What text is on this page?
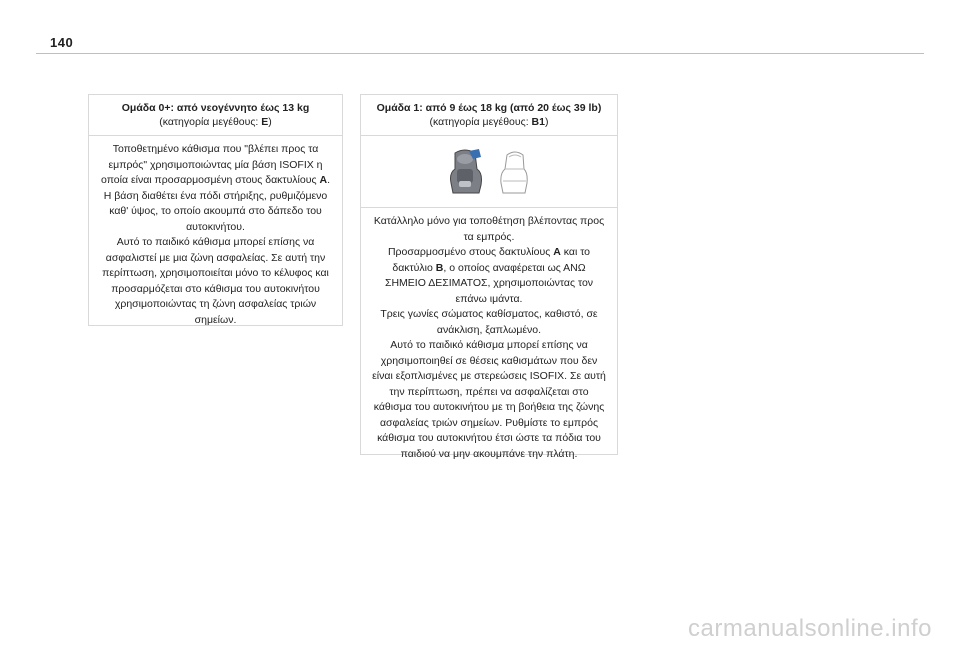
140
Ομάδα 0+: από νεογέννητο έως 13 kg
(κατηγορία μεγέθους: E)

Τοποθετημένο κάθισμα που "βλέπει προς τα εμπρός" χρησιμοποιώντας μία βάση ISOFIX η οποία είναι προσαρμοσμένη στους δακτυλίους A. Η βάση διαθέτει ένα πόδι στήριξης, ρυθμιζόμενο καθ' ύψος, το οποίο ακουμπά στο δάπεδο του αυτοκινήτου.

Αυτό το παιδικό κάθισμα μπορεί επίσης να ασφαλιστεί με μια ζώνη ασφαλείας. Σε αυτή την περίπτωση, χρησιμοποιείται μόνο το κέλυφος και προσαρμόζεται στο κάθισμα του αυτοκινήτου χρησιμοποιώντας τη ζώνη ασφαλείας τριών σημείων.

Ομάδα 1: από 9 έως 18 kg (από 20 έως 39 lb)
(κατηγορία μεγέθους: B1)

Κατάλληλο μόνο για τοποθέτηση βλέποντας προς τα εμπρός.

Προσαρμοσμένο στους δακτυλίους A και το δακτύλιο B, ο οποίος αναφέρεται ως ΑΝΩ ΣΗΜΕΙΟ ΔΕΣΙΜΑΤΟΣ, χρησιμοποιώντας τον επάνω ιμάντα.

Τρεις γωνίες σώματος καθίσματος, καθιστό, σε ανάκλιση, ξαπλωμένο.

Αυτό το παιδικό κάθισμα μπορεί επίσης να χρησιμοποιηθεί σε θέσεις καθισμάτων που δεν είναι εξοπλισμένες με στερεώσεις ISOFIX. Σε αυτή την περίπτωση, πρέπει να ασφαλίζεται στο κάθισμα του αυτοκινήτου με τη βοήθεια της ζώνης ασφαλείας τριών σημείων. Ρυθμίστε το εμπρός κάθισμα του αυτοκινήτου έτσι ώστε τα πόδια του παιδιού να μην ακουμπάνε την πλάτη.

carmanualsonline.info
